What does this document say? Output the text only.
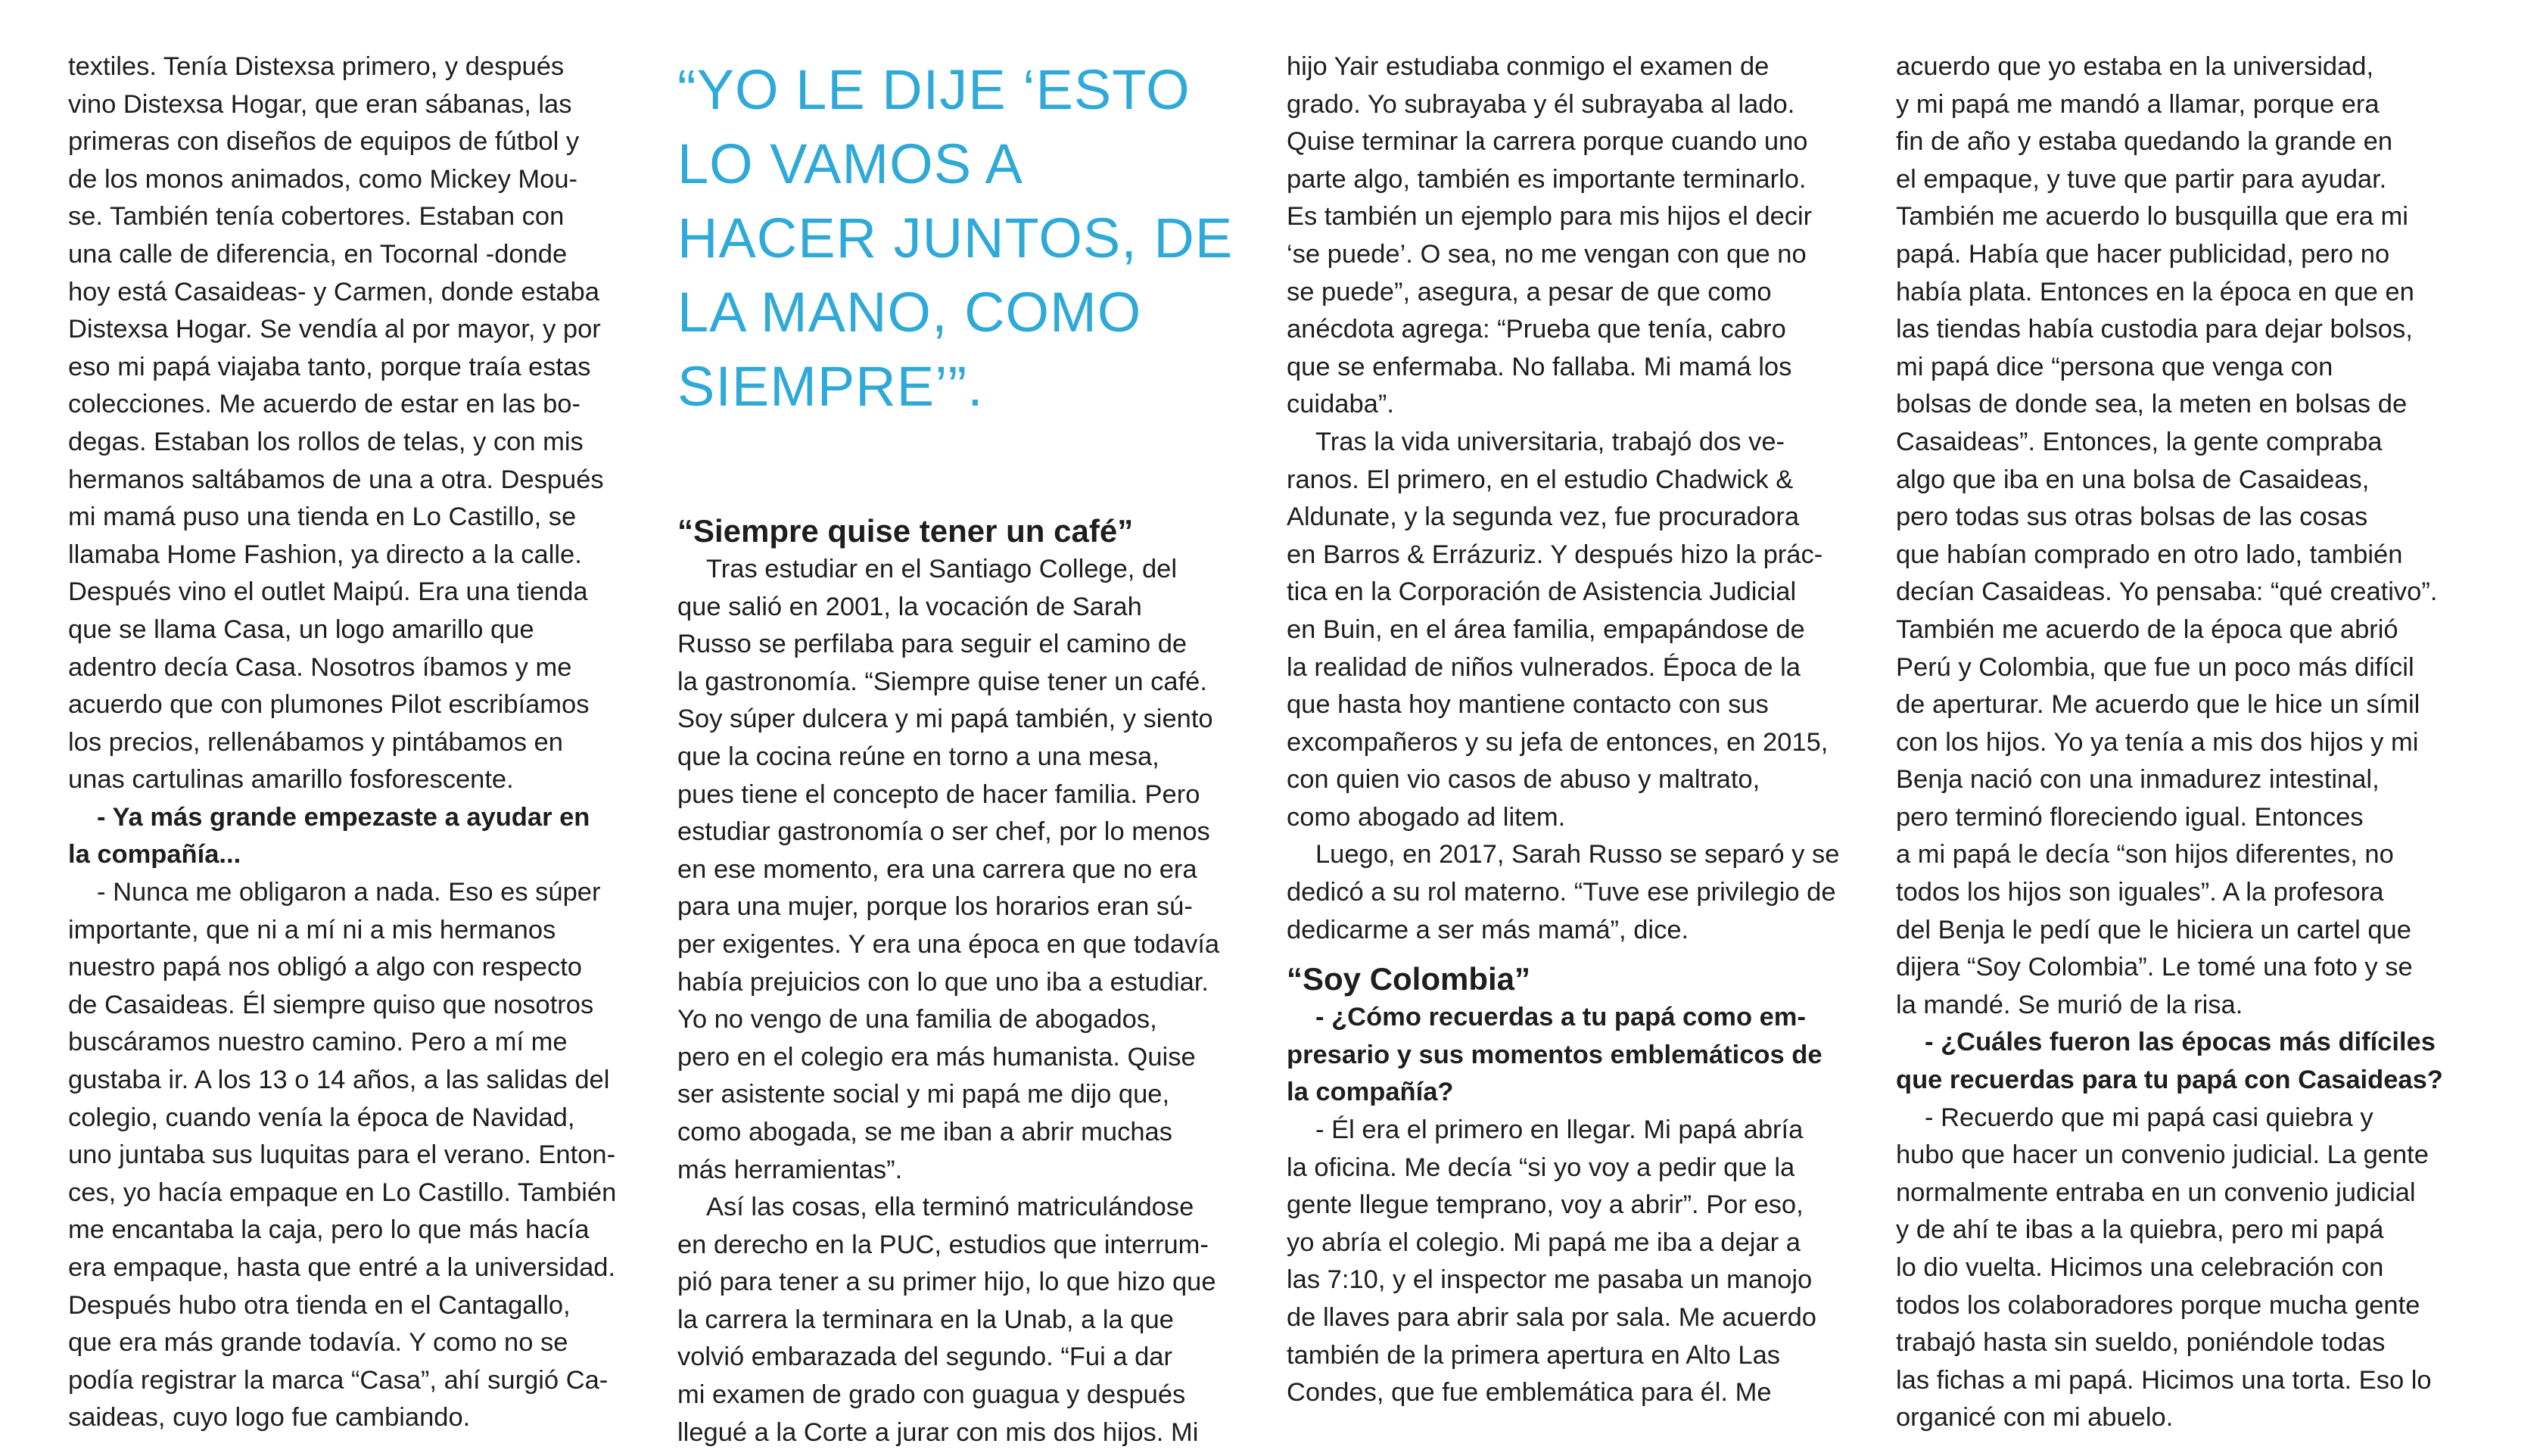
textiles. Tenía Distexsa primero, y después

vino Distexsa Hogar, que eran sábanas, las

primeras con diseños de equipos de fútbol y

de los monos animados, como Mickey Mou-

se. También tenía cobertores. Estaban con

una calle de diferencia, en Tocornal -donde

hoy está Casaideas- y Carmen, donde estaba

Distexsa Hogar. Se vendía al por mayor, y por

eso mi papá viajaba tanto, porque traía estas

colecciones. Me acuerdo de estar en las bo-

degas. Estaban los rollos de telas, y con mis

hermanos saltábamos de una a otra. Después

mi mamá puso una tienda en Lo Castillo, se

llamaba Home Fashion, ya directo a la calle.

Después vino el outlet Maipú. Era una tienda

que se llama Casa, un logo amarillo que

adentro decía Casa. Nosotros íbamos y me

acuerdo que con plumones Pilot escribíamos

los precios, rellenábamos y pintábamos en

unas cartulinas amarillo fosforescente.

- Ya más grande empezaste a ayudar en

la compañía...

- Nunca me obligaron a nada. Eso es súper

importante, que ni a mí ni a mis hermanos

nuestro papá nos obligó a algo con respecto

de Casaideas. Él siempre quiso que nosotros

buscáramos nuestro camino. Pero a mí me

gustaba ir. A los 13 o 14 años, a las salidas del

colegio, cuando venía la época de Navidad,

uno juntaba sus luquitas para el verano. Enton-

ces, yo hacía empaque en Lo Castillo. También

me encantaba la caja, pero lo que más hacía

era empaque, hasta que entré a la universidad.

Después hubo otra tienda en el Cantagallo,

que era más grande todavía. Y como no se

podía registrar la marca “Casa”, ahí surgió Ca-

saideas, cuyo logo fue cambiando.

“YO LE DIJE ‘ESTO

LO VAMOS A

HACER JUNTOS, DE

LA MANO, COMO

SIEMPRE’”.

“Siempre quise tener un café”

Tras estudiar en el Santiago College, del

que salió en 2001, la vocación de Sarah

Russo se perfilaba para seguir el camino de

la gastronomía. “Siempre quise tener un café.

Soy súper dulcera y mi papá también, y siento

que la cocina reúne en torno a una mesa,

pues tiene el concepto de hacer familia. Pero

estudiar gastronomía o ser chef, por lo menos

en ese momento, era una carrera que no era

para una mujer, porque los horarios eran sú-

per exigentes. Y era una época en que todavía

había prejuicios con lo que uno iba a estudiar.

Yo no vengo de una familia de abogados,

pero en el colegio era más humanista. Quise

ser asistente social y mi papá me dijo que,

como abogada, se me iban a abrir muchas

más herramientas”.

Así las cosas, ella terminó matriculándose

en derecho en la PUC, estudios que interrum-

pió para tener a su primer hijo, lo que hizo que

la carrera la terminara en la Unab, a la que

volvió embarazada del segundo. “Fui a dar

mi examen de grado con guagua y después

llegué a la Corte a jurar con mis dos hijos. Mi

hijo Yair estudiaba conmigo el examen de

grado. Yo subrayaba y él subrayaba al lado.

Quise terminar la carrera porque cuando uno

parte algo, también es importante terminarlo.

Es también un ejemplo para mis hijos el decir

‘se puede’. O sea, no me vengan con que no

se puede”, asegura, a pesar de que como

anécdota agrega: “Prueba que tenía, cabro

que se enfermaba. No fallaba. Mi mamá los

cuidaba”.

Tras la vida universitaria, trabajó dos ve-

ranos. El primero, en el estudio Chadwick &

Aldunate, y la segunda vez, fue procuradora

en Barros & Errázuriz. Y después hizo la prác-

tica en la Corporación de Asistencia Judicial

en Buin, en el área familia, empapándose de

la realidad de niños vulnerados. Época de la

que hasta hoy mantiene contacto con sus

excompañeros y su jefa de entonces, en 2015,

con quien vio casos de abuso y maltrato,

como abogado ad litem.

Luego, en 2017, Sarah Russo se separó y se

dedicó a su rol materno. “Tuve ese privilegio de

dedicarme a ser más mamá”, dice.

“Soy Colombia”

- ¿Cómo recuerdas a tu papá como em-

presario y sus momentos emblemáticos de

la compañía?

- Él era el primero en llegar. Mi papá abría

la oficina. Me decía “si yo voy a pedir que la

gente llegue temprano, voy a abrir”. Por eso,

yo abría el colegio. Mi papá me iba a dejar a

las 7:10, y el inspector me pasaba un manojo

de llaves para abrir sala por sala. Me acuerdo

también de la primera apertura en Alto Las

Condes, que fue emblemática para él. Me

acuerdo que yo estaba en la universidad,

y mi papá me mandó a llamar, porque era

fin de año y estaba quedando la grande en

el empaque, y tuve que partir para ayudar.

También me acuerdo lo busquilla que era mi

papá. Había que hacer publicidad, pero no

había plata. Entonces en la época en que en

las tiendas había custodia para dejar bolsos,

mi papá dice “persona que venga con

bolsas de donde sea, la meten en bolsas de

Casaideas”. Entonces, la gente compraba

algo que iba en una bolsa de Casaideas,

pero todas sus otras bolsas de las cosas

que habían comprado en otro lado, también

decían Casaideas. Yo pensaba: “qué creativo”.

También me acuerdo de la época que abrió

Perú y Colombia, que fue un poco más difícil

de aperturar. Me acuerdo que le hice un símil

con los hijos. Yo ya tenía a mis dos hijos y mi

Benja nació con una inmadurez intestinal,

pero terminó floreciendo igual. Entonces

a mi papá le decía “son hijos diferentes, no

todos los hijos son iguales”. A la profesora

del Benja le pedí que le hiciera un cartel que

dijera “Soy Colombia”. Le tomé una foto y se

la mandé. Se murió de la risa.

- ¿Cuáles fueron las épocas más difíciles

que recuerdas para tu papá con Casaideas?

- Recuerdo que mi papá casi quiebra y

hubo que hacer un convenio judicial. La gente

normalmente entraba en un convenio judicial

y de ahí te ibas a la quiebra, pero mi papá

lo dio vuelta. Hicimos una celebración con

todos los colaboradores porque mucha gente

trabajó hasta sin sueldo, poniéndole todas

las fichas a mi papá. Hicimos una torta. Eso lo

organicé con mi abuelo.
